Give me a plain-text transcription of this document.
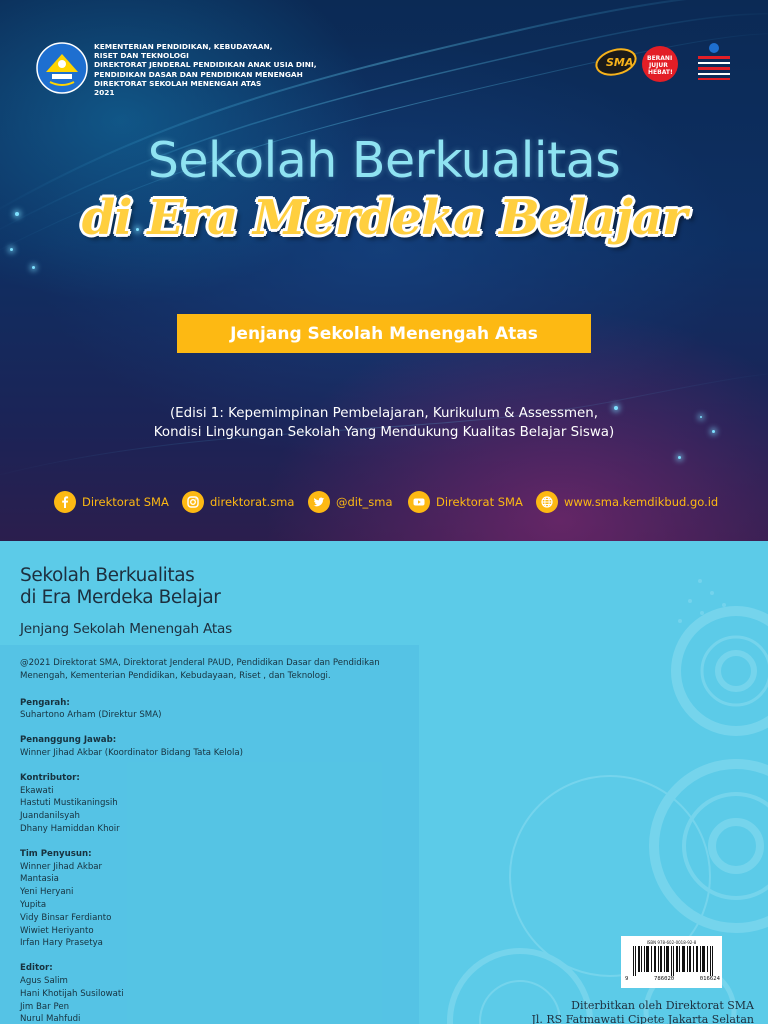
KEMENTERIAN PENDIDIKAN, KEBUDAYAAN,
RISET DAN TEKNOLOGI
DIREKTORAT JENDERAL PENDIDIKAN ANAK USIA DINI,
PENDIDIKAN DASAR DAN PENDIDIKAN MENENGAH
DIREKTORAT SEKOLAH MENENGAH ATAS
2021
SMA BERANI
JUJUR
HEBAT!
Sekolah Berkualitas
di Era Merdeka Belajar
Jenjang Sekolah Menengah Atas
(Edisi 1: Kepemimpinan Pembelajaran, Kurikulum & Assessmen,
Kondisi Lingkungan Sekolah Yang Mendukung Kualitas Belajar Siswa)
Direktorat SMA	direktorat.sma	@dit_sma	Direktorat SMA	www.sma.kemdikbud.go.id
Sekolah Berkualitas
di Era Merdeka Belajar
Jenjang Sekolah Menengah Atas
@2021 Direktorat SMA, Direktorat Jenderal PAUD, Pendidikan Dasar dan Pendidikan Menengah, Kementerian Pendidikan, Kebudayaan, Riset , dan Teknologi.
Pengarah:
Suhartono Arham (Direktur SMA)
Penanggung Jawab:
Winner Jihad Akbar (Koordinator Bidang Tata Kelola)
Kontributor:
Ekawati
Hastuti Mustikaningsih
Juandanilsyah
Dhany Hamiddan Khoir
Tim Penyusun:
Winner Jihad Akbar
Mantasia
Yeni Heryani
Yupita
Vidy Binsar Ferdianto
Wiwiet Heriyanto
Irfan Hary Prasetya
Editor:
Agus Salim
Hani Khotijah Susilowati
Jim Bar Pen
Nurul Mahfudi
ISBN 978-602-0018-92-8
9	786020	016624
Diterbitkan oleh Direktorat SMA
Jl. RS Fatmawati Cipete Jakarta Selatan
